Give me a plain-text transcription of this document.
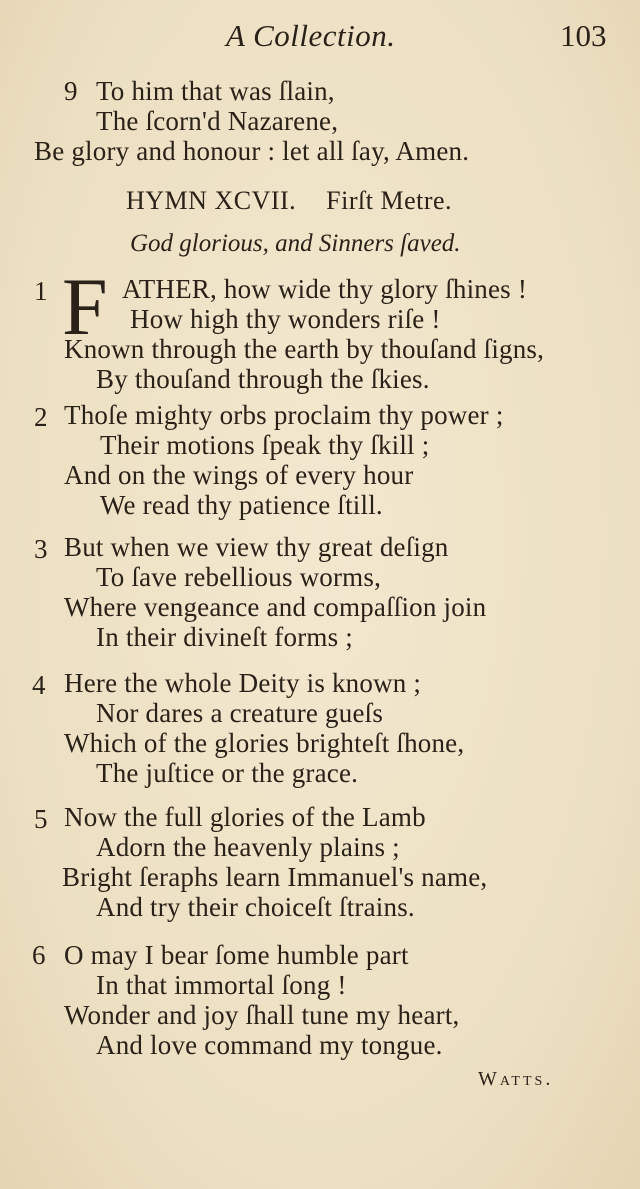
A Collection.	103
9 To him that was ſlain,
The ſcorn'd Nazarene,
Be glory and honour : let all ſay, Amen.
HYMN XCVII. Firſt Metre.
God glorious, and Sinners ſaved.
1 F ATHER, how wide thy glory ſhines !
How high thy wonders riſe !
Known through the earth by thouſand ſigns,
By thouſand through the ſkies.
2 Thoſe mighty orbs proclaim thy power ;
Their motions ſpeak thy ſkill ;
And on the wings of every hour
We read thy patience ſtill.
3 But when we view thy great deſign
To ſave rebellious worms,
Where vengeance and compaſſion join
In their divineſt forms ;
4 Here the whole Deity is known ;
Nor dares a creature gueſs
Which of the glories brighteſt ſhone,
The juſtice or the grace.
5 Now the full glories of the Lamb
Adorn the heavenly plains ;
Bright ſeraphs learn Immanuel's name,
And try their choiceſt ſtrains.
6 O may I bear ſome humble part
In that immortal ſong !
Wonder and joy ſhall tune my heart,
And love command my tongue.
Watts.
